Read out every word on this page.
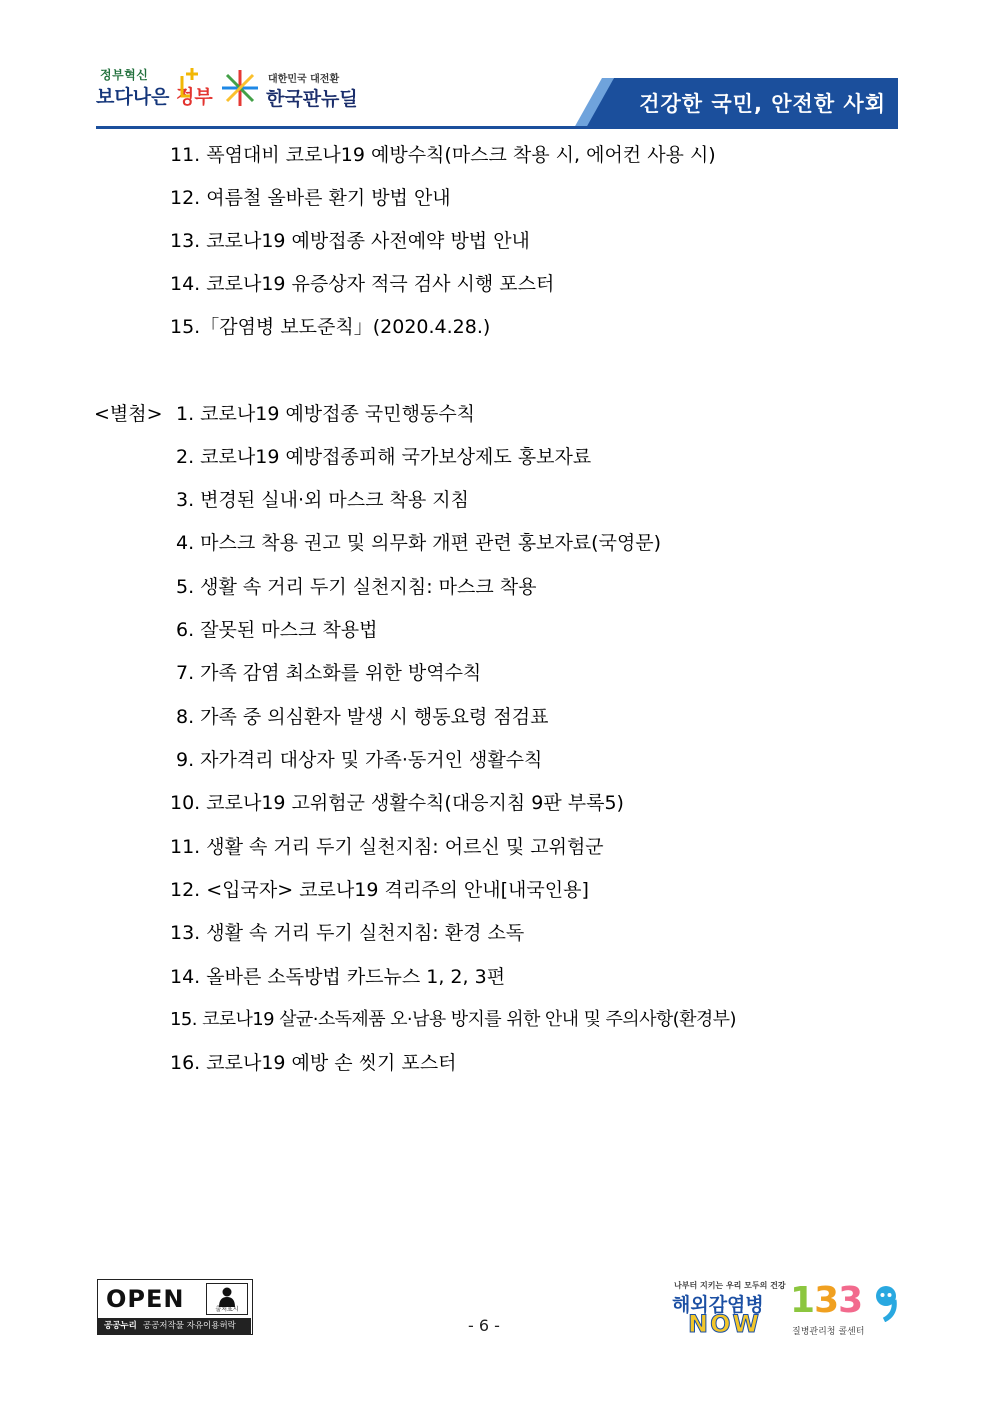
정부혁신
보다나은 정부
대한민국 대전환
한국판뉴딜	건강한 국민, 안전한 사회
11. 폭염대비 코로나19 예방수칙(마스크 착용 시, 에어컨 사용 시)
12. 여름철 올바른 환기 방법 안내
13. 코로나19 예방접종 사전예약 방법 안내
14. 코로나19 유증상자 적극 검사 시행 포스터
15.「감염병 보도준칙」(2020.4.28.)
<별첨> 1. 코로나19 예방접종 국민행동수칙
2. 코로나19 예방접종피해 국가보상제도 홍보자료
3. 변경된 실내·외 마스크 착용 지침
4. 마스크 착용 권고 및 의무화 개편 관련 홍보자료(국영문)
5. 생활 속 거리 두기 실천지침: 마스크 착용
6. 잘못된 마스크 착용법
7. 가족 감염 최소화를 위한 방역수칙
8. 가족 중 의심환자 발생 시 행동요령 점검표
9. 자가격리 대상자 및 가족·동거인 생활수칙
10. 코로나19 고위험군 생활수칙(대응지침 9판 부록5)
11. 생활 속 거리 두기 실천지침: 어르신 및 고위험군
12. <입국자> 코로나19 격리주의 안내[내국인용]
13. 생활 속 거리 두기 실천지침: 환경 소독
14. 올바른 소독방법 카드뉴스 1, 2, 3편
15. 코로나19 살균·소독제품 오·남용 방지를 위한 안내 및 주의사항(환경부)
16. 코로나19 예방 손 씻기 포스터
OPEN	출처표시
공공누리 공공저작물 자유이용허락	- 6 -
나부터 지키는 우리 모두의 건강
해외감염병
NOW
133
질병관리청 콜센터
